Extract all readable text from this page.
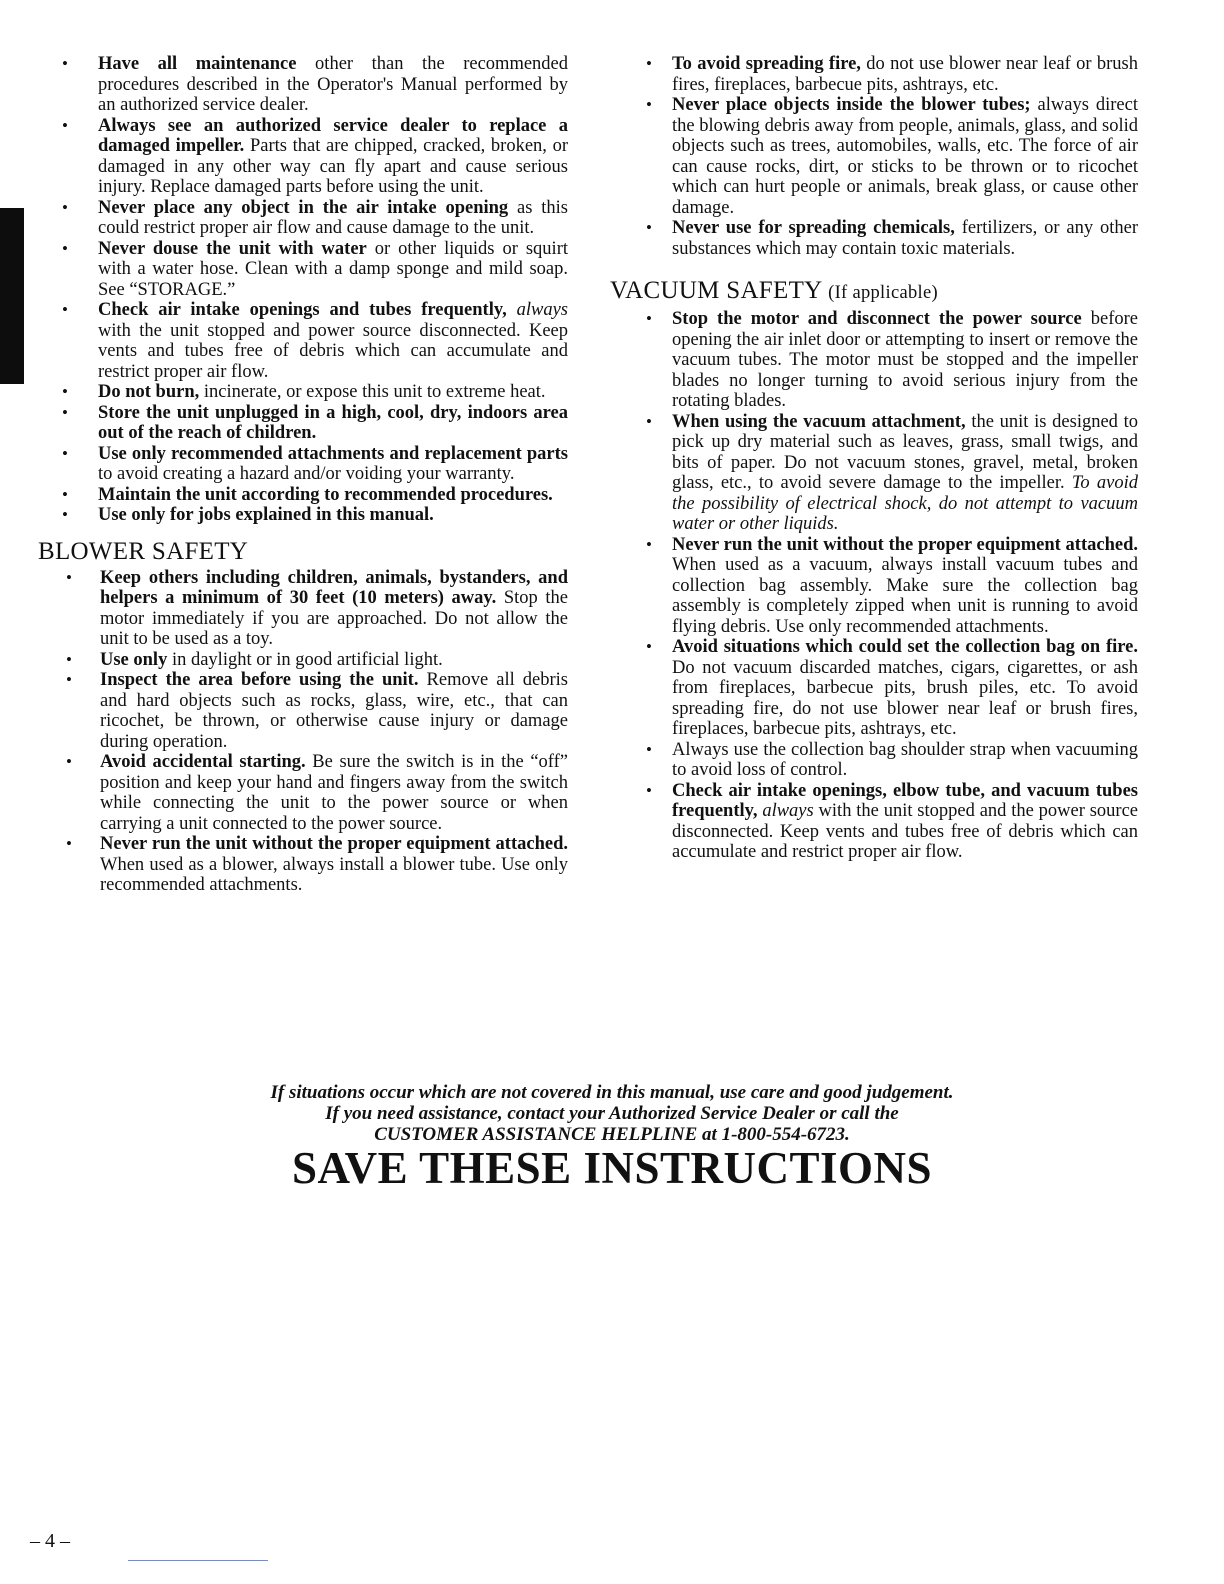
• Have all maintenance other than the recommended procedures described in the Operator's Manual performed by an authorized service dealer.
• Always see an authorized service dealer to replace a damaged impeller. Parts that are chipped, cracked, broken, or damaged in any other way can fly apart and cause serious injury. Replace damaged parts before using the unit.
• Never place any object in the air intake opening as this could restrict proper air flow and cause damage to the unit.
• Never douse the unit with water or other liquids or squirt with a water hose. Clean with a damp sponge and mild soap. See “STORAGE.”
• Check air intake openings and tubes frequently, always with the unit stopped and power source disconnected. Keep vents and tubes free of debris which can accumulate and restrict proper air flow.
• Do not burn, incinerate, or expose this unit to extreme heat.
• Store the unit unplugged in a high, cool, dry, indoors area out of the reach of children.
• Use only recommended attachments and replacement parts to avoid creating a hazard and/or voiding your warranty.
• Maintain the unit according to recommended procedures.
• Use only for jobs explained in this manual.
BLOWER SAFETY
• Keep others including children, animals, bystanders, and helpers a minimum of 30 feet (10 meters) away. Stop the motor immediately if you are approached. Do not allow the unit to be used as a toy.
• Use only in daylight or in good artificial light.
• Inspect the area before using the unit. Remove all debris and hard objects such as rocks, glass, wire, etc., that can ricochet, be thrown, or otherwise cause injury or damage during operation.
• Avoid accidental starting. Be sure the switch is in the “off” position and keep your hand and fingers away from the switch while connecting the unit to the power source or when carrying a unit connected to the power source.
• Never run the unit without the proper equipment attached. When used as a blower, always install a blower tube. Use only recommended attachments.
• To avoid spreading fire, do not use blower near leaf or brush fires, fireplaces, barbecue pits, ashtrays, etc.
• Never place objects inside the blower tubes; always direct the blowing debris away from people, animals, glass, and solid objects such as trees, automobiles, walls, etc. The force of air can cause rocks, dirt, or sticks to be thrown or to ricochet which can hurt people or animals, break glass, or cause other damage.
• Never use for spreading chemicals, fertilizers, or any other substances which may contain toxic materials.
VACUUM SAFETY (If applicable)
• Stop the motor and disconnect the power source before opening the air inlet door or attempting to insert or remove the vacuum tubes. The motor must be stopped and the impeller blades no longer turning to avoid serious injury from the rotating blades.
• When using the vacuum attachment, the unit is designed to pick up dry material such as leaves, grass, small twigs, and bits of paper. Do not vacuum stones, gravel, metal, broken glass, etc., to avoid severe damage to the impeller. To avoid the possibility of electrical shock, do not attempt to vacuum water or other liquids.
• Never run the unit without the proper equipment attached. When used as a vacuum, always install vacuum tubes and collection bag assembly. Make sure the collection bag assembly is completely zipped when unit is running to avoid flying debris. Use only recommended attachments.
• Avoid situations which could set the collection bag on fire. Do not vacuum discarded matches, cigars, cigarettes, or ash from fireplaces, barbecue pits, brush piles, etc. To avoid spreading fire, do not use blower near leaf or brush fires, fireplaces, barbecue pits, ashtrays, etc.
• Always use the collection bag shoulder strap when vacuuming to avoid loss of control.
• Check air intake openings, elbow tube, and vacuum tubes frequently, always with the unit stopped and the power source disconnected. Keep vents and tubes free of debris which can accumulate and restrict proper air flow.
If situations occur which are not covered in this manual, use care and good judgement.
If you need assistance, contact your Authorized Service Dealer or call the
CUSTOMER ASSISTANCE HELPLINE at 1-800-554-6723.
SAVE THESE INSTRUCTIONS
– 4 –
